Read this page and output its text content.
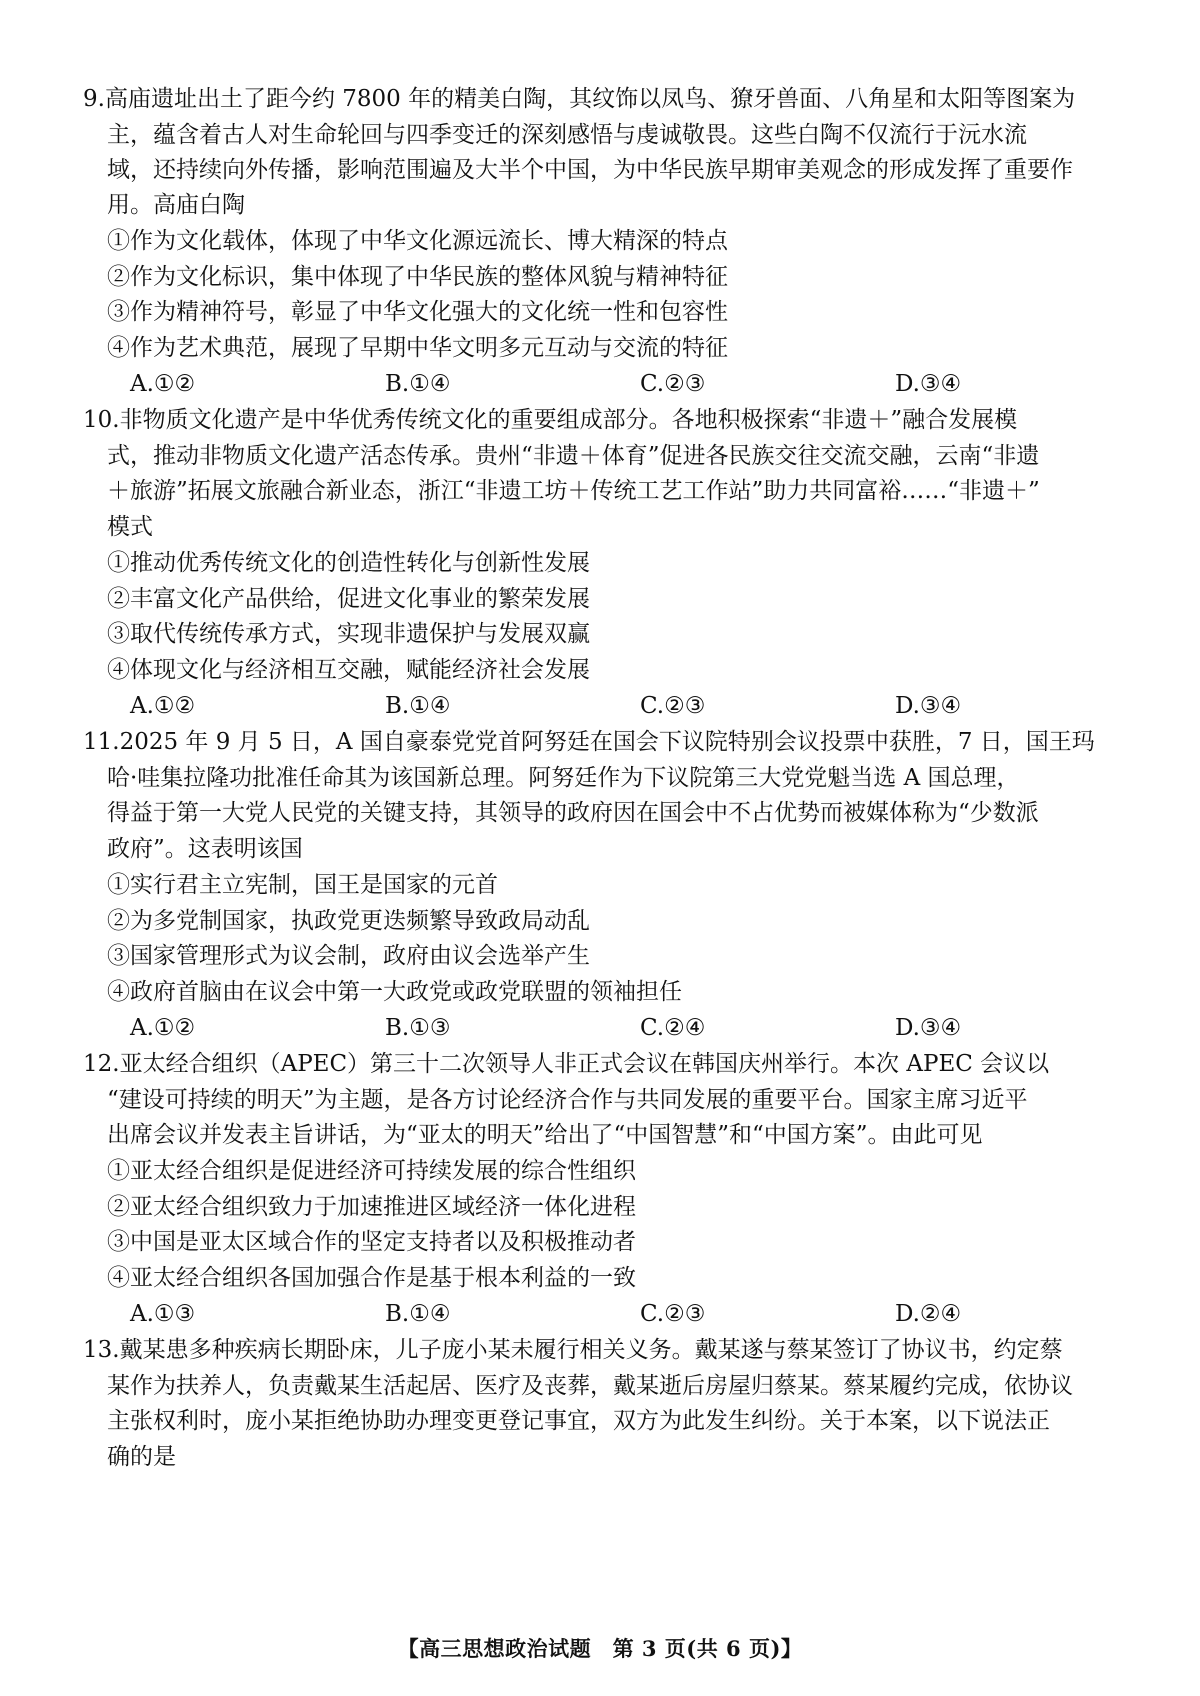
9.高庙遗址出土了距今约 7800 年的精美白陶，其纹饰以凤鸟、獠牙兽面、八角星和太阳等图案为
主，蕴含着古人对生命轮回与四季变迁的深刻感悟与虔诚敬畏。这些白陶不仅流行于沅水流
域，还持续向外传播，影响范围遍及大半个中国，为中华民族早期审美观念的形成发挥了重要作
用。高庙白陶
①作为文化载体，体现了中华文化源远流长、博大精深的特点
②作为文化标识，集中体现了中华民族的整体风貌与精神特征
③作为精神符号，彰显了中华文化强大的文化统一性和包容性
④作为艺术典范，展现了早期中华文明多元互动与交流的特征
A.①②	B.①④	C.②③	D.③④
10.非物质文化遗产是中华优秀传统文化的重要组成部分。各地积极探索“非遗＋”融合发展模
式，推动非物质文化遗产活态传承。贵州“非遗＋体育”促进各民族交往交流交融，云南“非遗
＋旅游”拓展文旅融合新业态，浙江“非遗工坊＋传统工艺工作站”助力共同富裕……“非遗＋”
模式
①推动优秀传统文化的创造性转化与创新性发展
②丰富文化产品供给，促进文化事业的繁荣发展
③取代传统传承方式，实现非遗保护与发展双赢
④体现文化与经济相互交融，赋能经济社会发展
A.①②	B.①④	C.②③	D.③④
11.2025 年 9 月 5 日，A 国自豪泰党党首阿努廷在国会下议院特别会议投票中获胜，7 日，国王玛
哈·哇集拉隆功批准任命其为该国新总理。阿努廷作为下议院第三大党党魁当选 A 国总理，
得益于第一大党人民党的关键支持，其领导的政府因在国会中不占优势而被媒体称为“少数派
政府”。这表明该国
①实行君主立宪制，国王是国家的元首
②为多党制国家，执政党更迭频繁导致政局动乱
③国家管理形式为议会制，政府由议会选举产生
④政府首脑由在议会中第一大政党或政党联盟的领袖担任
A.①②	B.①③	C.②④	D.③④
12.亚太经合组织（APEC）第三十二次领导人非正式会议在韩国庆州举行。本次 APEC 会议以
“建设可持续的明天”为主题，是各方讨论经济合作与共同发展的重要平台。国家主席习近平
出席会议并发表主旨讲话，为“亚太的明天”给出了“中国智慧”和“中国方案”。由此可见
①亚太经合组织是促进经济可持续发展的综合性组织
②亚太经合组织致力于加速推进区域经济一体化进程
③中国是亚太区域合作的坚定支持者以及积极推动者
④亚太经合组织各国加强合作是基于根本利益的一致
A.①③	B.①④	C.②③	D.②④
13.戴某患多种疾病长期卧床，儿子庞小某未履行相关义务。戴某遂与蔡某签订了协议书，约定蔡
某作为扶养人，负责戴某生活起居、医疗及丧葬，戴某逝后房屋归蔡某。蔡某履约完成，依协议
主张权利时，庞小某拒绝协助办理变更登记事宜，双方为此发生纠纷。关于本案，以下说法正
确的是
【高三思想政治试题　第 3 页(共 6 页)】
